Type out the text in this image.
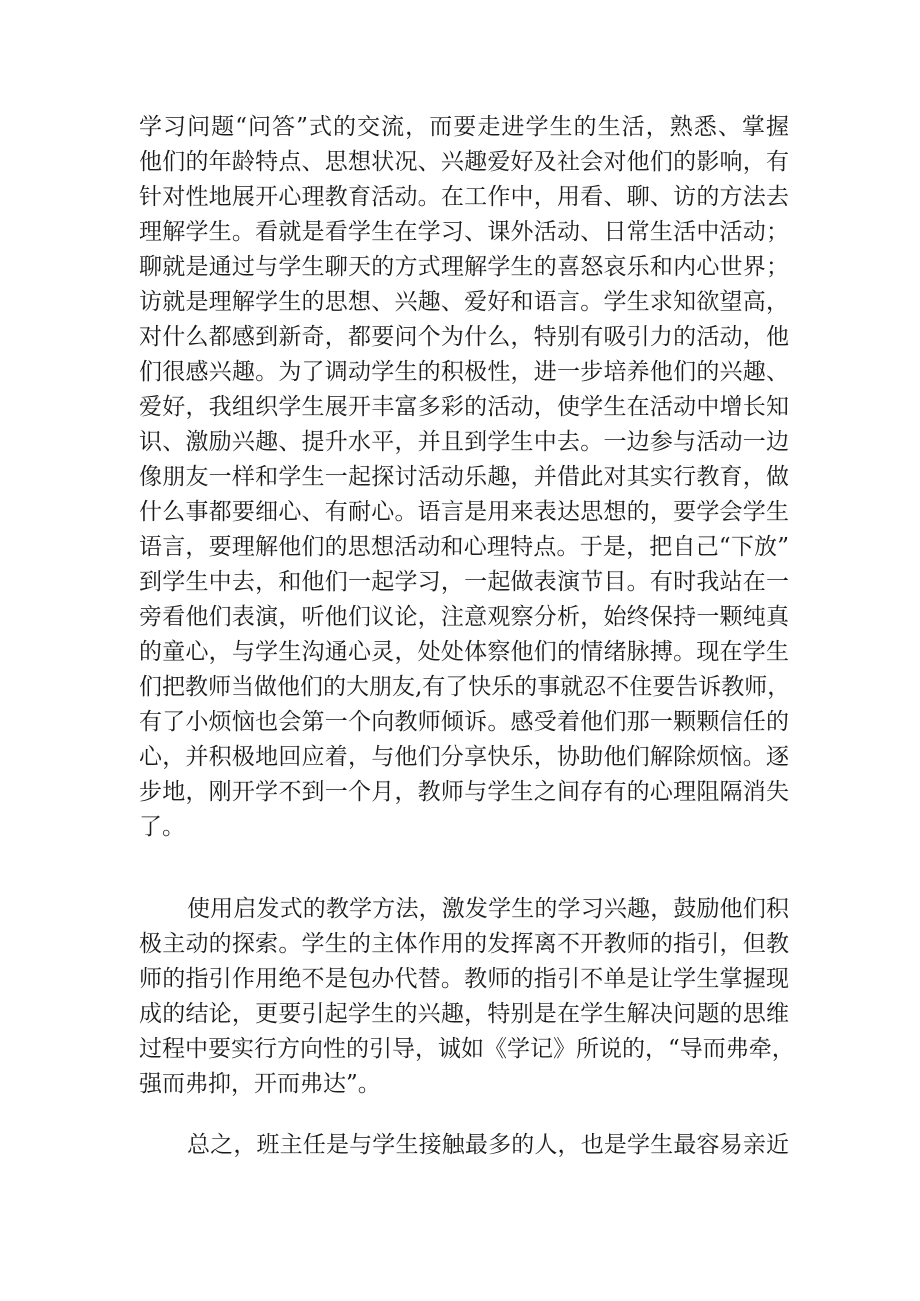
学习问题“问答”式的交流，而要走进学生的生活，熟悉、掌握
他们的年龄特点、思想状况、兴趣爱好及社会对他们的影响，有
针对性地展开心理教育活动。在工作中，用看、聊、访的方法去
理解学生。看就是看学生在学习、课外活动、日常生活中活动；
聊就是通过与学生聊天的方式理解学生的喜怒哀乐和内心世界；
访就是理解学生的思想、兴趣、爱好和语言。学生求知欲望高，
对什么都感到新奇，都要问个为什么，特别有吸引力的活动，他
们很感兴趣。为了调动学生的积极性，进一步培养他们的兴趣、
爱好，我组织学生展开丰富多彩的活动，使学生在活动中增长知
识、激励兴趣、提升水平，并且到学生中去。一边参与活动一边
像朋友一样和学生一起探讨活动乐趣，并借此对其实行教育，做
什么事都要细心、有耐心。语言是用来表达思想的，要学会学生
语言，要理解他们的思想活动和心理特点。于是，把自己“下放”
到学生中去，和他们一起学习，一起做表演节目。有时我站在一
旁看他们表演，听他们议论，注意观察分析，始终保持一颗纯真
的童心，与学生沟通心灵，处处体察他们的情绪脉搏。现在学生
们把教师当做他们的大朋友,有了快乐的事就忍不住要告诉教师，
有了小烦恼也会第一个向教师倾诉。感受着他们那一颗颗信任的
心，并积极地回应着，与他们分享快乐，协助他们解除烦恼。逐
步地，刚开学不到一个月，教师与学生之间存有的心理阻隔消失
了。
使用启发式的教学方法，激发学生的学习兴趣，鼓励他们积
极主动的探索。学生的主体作用的发挥离不开教师的指引，但教
师的指引作用绝不是包办代替。教师的指引不单是让学生掌握现
成的结论，更要引起学生的兴趣，特别是在学生解决问题的思维
过程中要实行方向性的引导，诚如《学记》所说的，“导而弗牵，
强而弗抑，开而弗达”。
总之，班主任是与学生接触最多的人，也是学生最容易亲近
